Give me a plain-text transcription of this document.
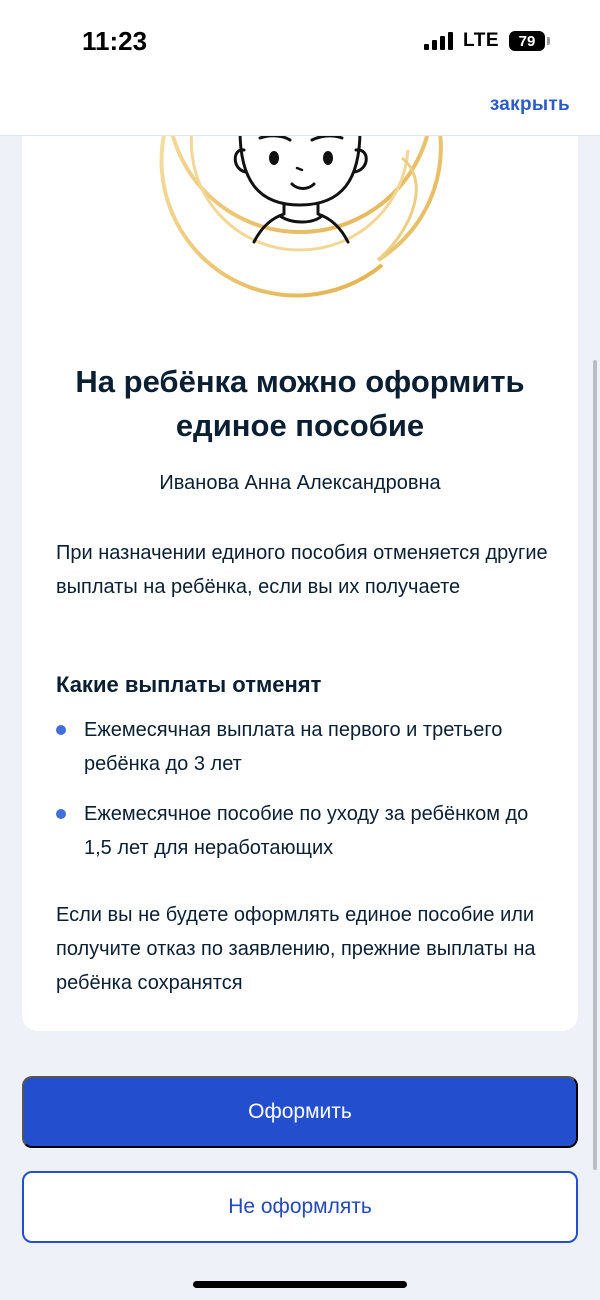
11:23	LTE	79
На ребёнка можно оформить
единое пособие
Иванова Анна Александровна

При назначении единого пособия отменяется другие выплаты на ребёнка, если вы их получаете

Какие выплаты отменят
Ежемесячная выплата на первого и третьего ребёнка до 3 лет
Ежемесячное пособие по уходу за ребёнком до 1,5 лет для неработающих

Если вы не будете оформлять единое пособие или получите отказ по заявлению, прежние выплаты на ребёнка сохранятся

закрыть
Оформить
Не оформлять
